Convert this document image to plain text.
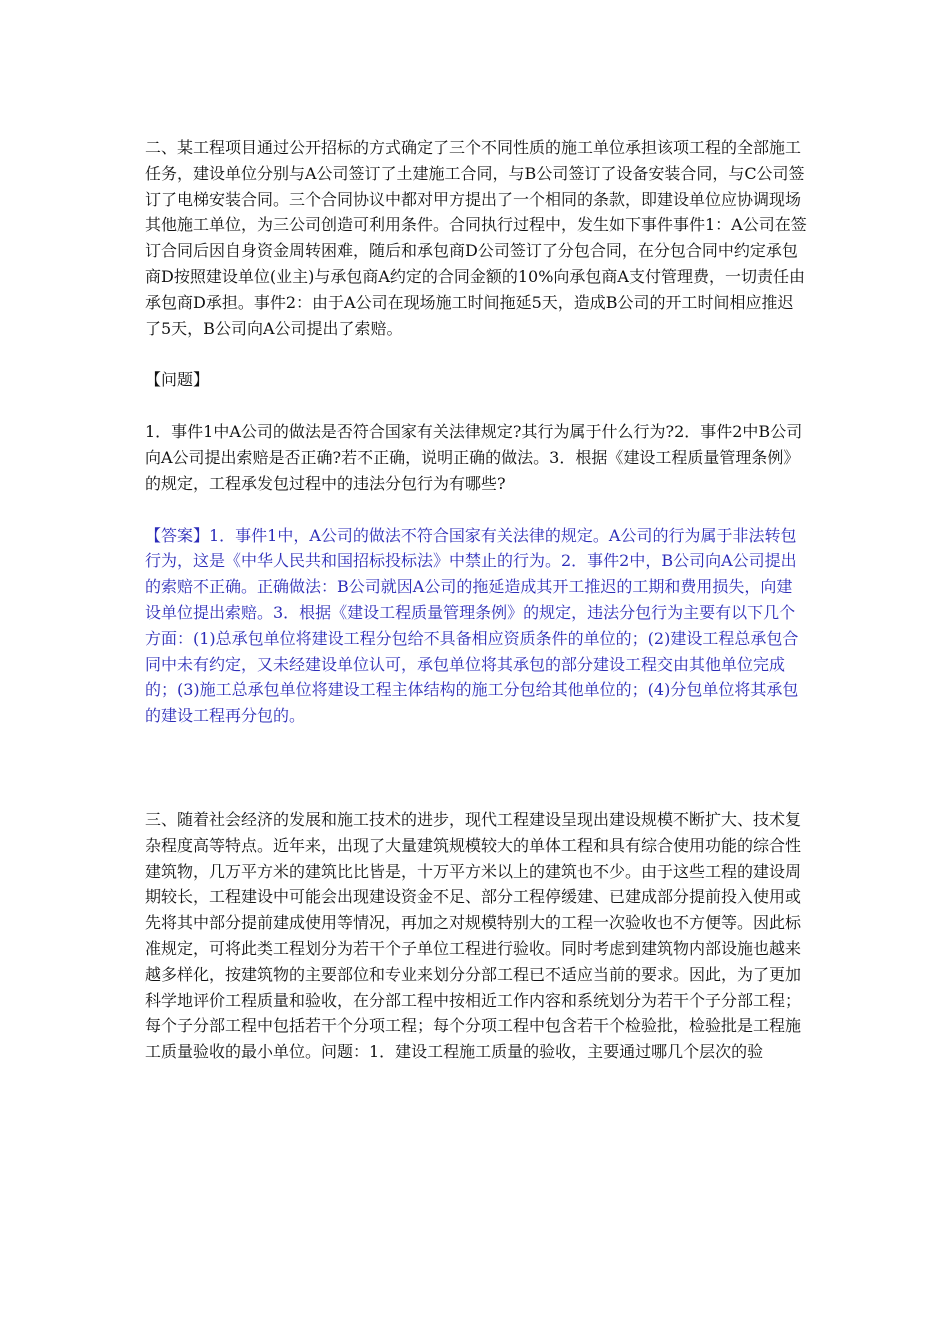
二、某工程项目通过公开招标的方式确定了三个不同性质的施工单位承担该项工程的全部施工任务，建设单位分别与A公司签订了土建施工合同，与B公司签订了设备安装合同，与C公司签订了电梯安装合同。三个合同协议中都对甲方提出了一个相同的条款，即建设单位应协调现场其他施工单位，为三公司创造可利用条件。合同执行过程中，发生如下事件事件1：A公司在签订合同后因自身资金周转困难，随后和承包商D公司签订了分包合同，在分包合同中约定承包商D按照建设单位(业主)与承包商A约定的合同金额的10%向承包商A支付管理费，一切责任由承包商D承担。事件2：由于A公司在现场施工时间拖延5天，造成B公司的开工时间相应推迟了5天，B公司向A公司提出了索赔。

【问题】

1．事件1中A公司的做法是否符合国家有关法律规定?其行为属于什么行为?2．事件2中B公司向A公司提出索赔是否正确?若不正确，说明正确的做法。3．根据《建设工程质量管理条例》的规定，工程承发包过程中的违法分包行为有哪些?

【答案】1．事件1中，A公司的做法不符合国家有关法律的规定。A公司的行为属于非法转包行为，这是《中华人民共和国招标投标法》中禁止的行为。2．事件2中，B公司向A公司提出的索赔不正确。正确做法：B公司就因A公司的拖延造成其开工推迟的工期和费用损失，向建设单位提出索赔。3．根据《建设工程质量管理条例》的规定，违法分包行为主要有以下几个方面：(1)总承包单位将建设工程分包给不具备相应资质条件的单位的；(2)建设工程总承包合同中未有约定，又未经建设单位认可，承包单位将其承包的部分建设工程交由其他单位完成的；(3)施工总承包单位将建设工程主体结构的施工分包给其他单位的；(4)分包单位将其承包的建设工程再分包的。

三、随着社会经济的发展和施工技术的进步，现代工程建设呈现出建设规模不断扩大、技术复杂程度高等特点。近年来，出现了大量建筑规模较大的单体工程和具有综合使用功能的综合性建筑物，几万平方米的建筑比比皆是，十万平方米以上的建筑也不少。由于这些工程的建设周期较长，工程建设中可能会出现建设资金不足、部分工程停缓建、已建成部分提前投入使用或先将其中部分提前建成使用等情况，再加之对规模特别大的工程一次验收也不方便等。因此标准规定，可将此类工程划分为若干个子单位工程进行验收。同时考虑到建筑物内部设施也越来越多样化，按建筑物的主要部位和专业来划分分部工程已不适应当前的要求。因此，为了更加科学地评价工程质量和验收，在分部工程中按相近工作内容和系统划分为若干个子分部工程；每个子分部工程中包括若干个分项工程；每个分项工程中包含若干个检验批，检验批是工程施工质量验收的最小单位。问题：1．建设工程施工质量的验收，主要通过哪几个层次的验
